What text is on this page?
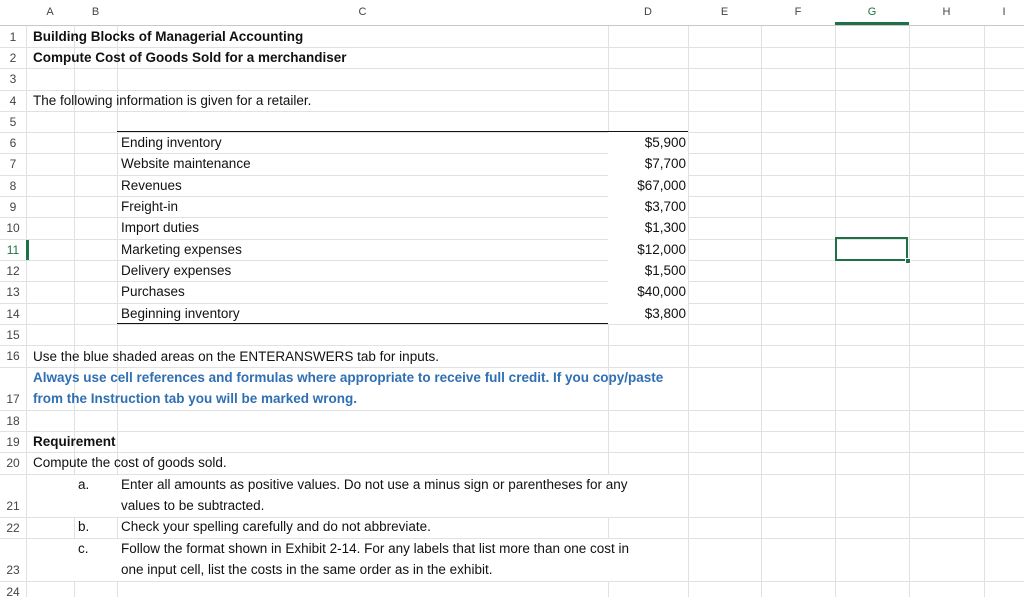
A	B	C	D	E	F	G	H	I
1
2
3
4
5
6
7
8
9
10
11
12
13
14
15
16
17
18
19
20
21
22
23
24
Building Blocks of Managerial Accounting
Compute Cost of Goods Sold for a merchandiser
The following information is given for a retailer.
Ending inventory	$5,900
Website maintenance	$7,700
Revenues	$67,000
Freight-in	$3,700
Import duties	$1,300
Marketing expenses	$12,000
Delivery expenses	$1,500
Purchases	$40,000
Beginning inventory	$3,800
Use the blue shaded areas on the ENTERANSWERS tab for inputs.
Always use cell references and formulas where appropriate to receive full credit. If you copy/paste
from the Instruction tab you will be marked wrong.
Requirement
Compute the cost of goods sold.
a. Enter all amounts as positive values. Do not use a minus sign or parentheses for any
values to be subtracted.
b. Check your spelling carefully and do not abbreviate.
c. Follow the format shown in Exhibit 2-14. For any labels that list more than one cost in
one input cell, list the costs in the same order as in the exhibit.
